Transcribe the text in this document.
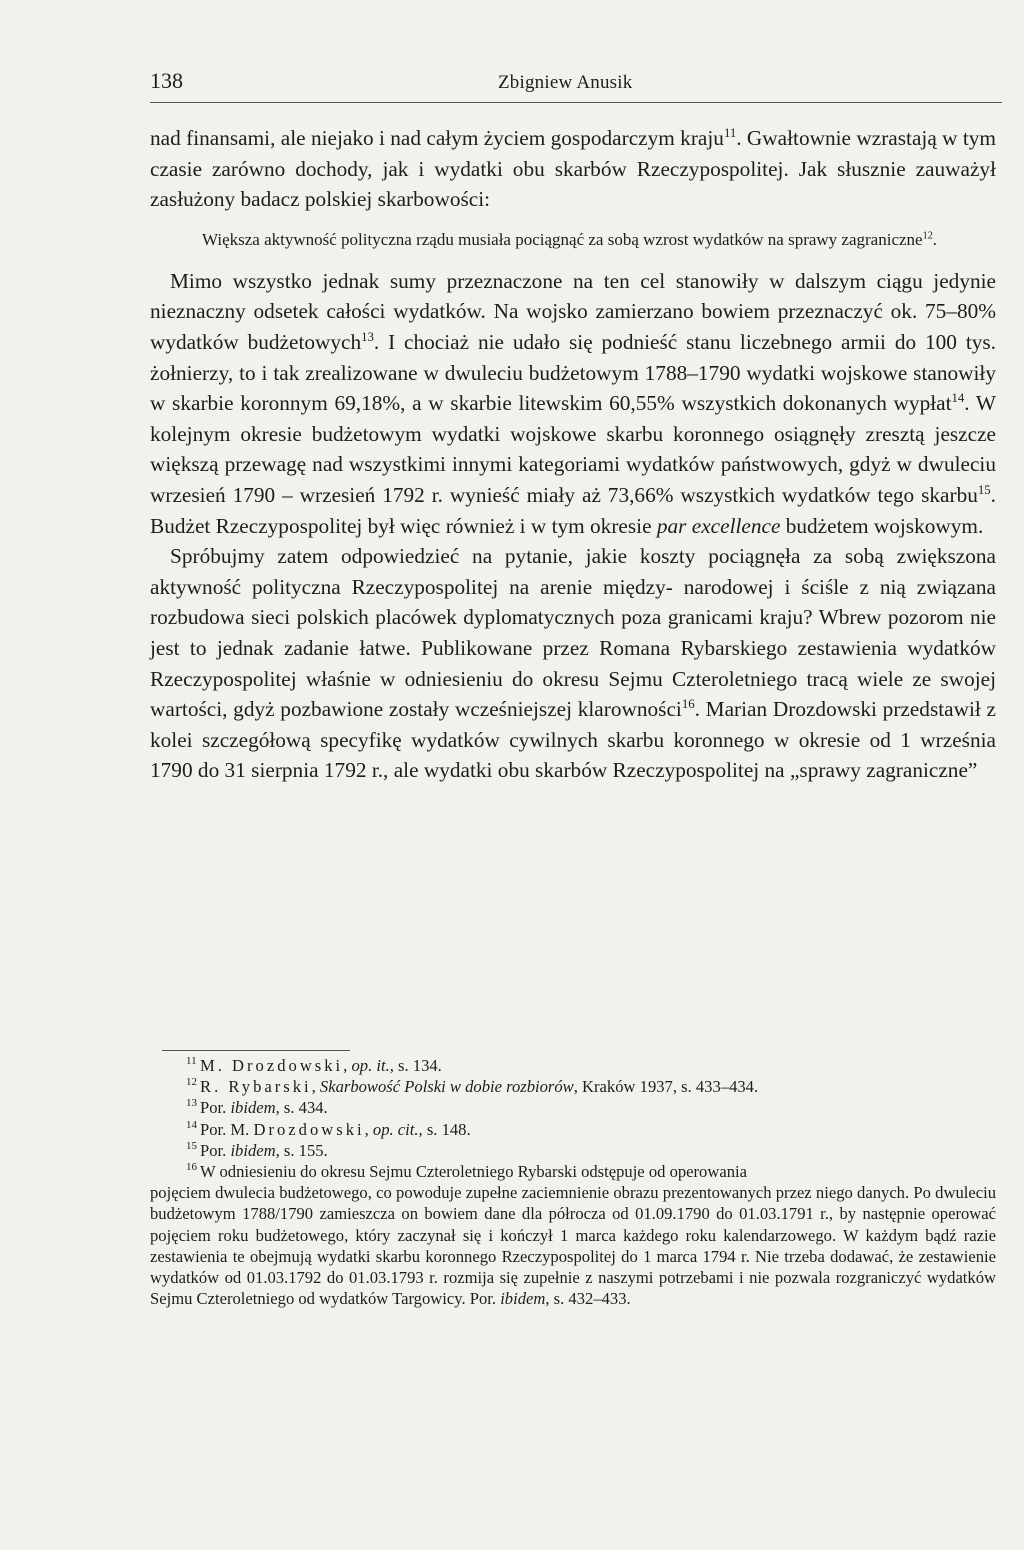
138	Zbigniew Anusik

nad finansami, ale niejako i nad całym życiem gospodarczym kraju$^{11}$. Gwałtownie wzrastają w tym czasie zarówno dochody, jak i wydatki obu skarbów Rzeczypospolitej. Jak słusznie zauważył zasłużony badacz polskiej skarbowości:

Większa aktywność polityczna rządu musiała pociągnąć za sobą wzrost wydatków na sprawy zagraniczne$^{12}$.

Mimo wszystko jednak sumy przeznaczone na ten cel stanowiły w dalszym ciągu jedynie nieznaczny odsetek całości wydatków. Na wojsko zamierzano bowiem przeznaczyć ok. 75–80% wydatków budżetowych$^{13}$. I chociaż nie udało się podnieść stanu liczebnego armii do 100 tys. żołnierzy, to i tak zrealizowane w dwuleciu budżetowym 1788–1790 wydatki wojskowe stanowiły w skarbie koronnym 69,18%, a w skarbie litewskim 60,55% wszystkich dokonanych wypłat$^{14}$. W kolejnym okresie budżetowym wydatki wojskowe skarbu koronnego osiągnęły zresztą jeszcze większą przewagę nad wszystkimi innymi kategoriami wydatków państwowych, gdyż w dwuleciu wrzesień 1790 – wrzesień 1792 r. wynieść miały aż 73,66% wszystkich wydatków tego skarbu$^{15}$. Budżet Rzeczypospolitej był więc również i w tym okresie par excellence budżetem wojskowym.

Spróbujmy zatem odpowiedzieć na pytanie, jakie koszty pociągnęła za sobą zwiększona aktywność polityczna Rzeczypospolitej na arenie między- narodowej i ściśle z nią związana rozbudowa sieci polskich placówek dyplomatycznych poza granicami kraju? Wbrew pozorom nie jest to jednak zadanie łatwe. Publikowane przez Romana Rybarskiego zestawienia wydatków Rzeczypospolitej właśnie w odniesieniu do okresu Sejmu Czteroletniego tracą wiele ze swojej wartości, gdyż pozbawione zostały wcześniejszej klarowności$^{16}$. Marian Drozdowski przedstawił z kolei szczegółową specyfikę wydatków cywilnych skarbu koronnego w okresie od 1 września 1790 do 31 sierpnia 1792 r., ale wydatki obu skarbów Rzeczypospolitej na „sprawy zagraniczne”

11 M. Drozdowski, op. it., s. 134.
12 R. Rybarski, Skarbowość Polski w dobie rozbiorów, Kraków 1937, s. 433–434.
13 Por. ibidem, s. 434.
14 Por. M. Drozdowski, op. cit., s. 148.
15 Por. ibidem, s. 155.
16 W odniesieniu do okresu Sejmu Czteroletniego Rybarski odstępuje od operowania
pojęciem dwulecia budżetowego, co powoduje zupełne zaciemnienie obrazu prezentowanych przez niego danych. Po dwuleciu budżetowym 1788/1790 zamieszcza on bowiem dane dla półrocza od 01.09.1790 do 01.03.1791 r., by następnie operować pojęciem roku budżetowego, który zaczynał się i kończył 1 marca każdego roku kalendarzowego. W każdym bądź razie zestawienia te obejmują wydatki skarbu koronnego Rzeczypospolitej do 1 marca 1794 r. Nie trzeba dodawać, że zestawienie wydatków od 01.03.1792 do 01.03.1793 r. rozmija się zupełnie z naszymi potrzebami i nie pozwala rozgraniczyć wydatków Sejmu Czteroletniego od wydatków Targowicy. Por. ibidem, s. 432–433.
